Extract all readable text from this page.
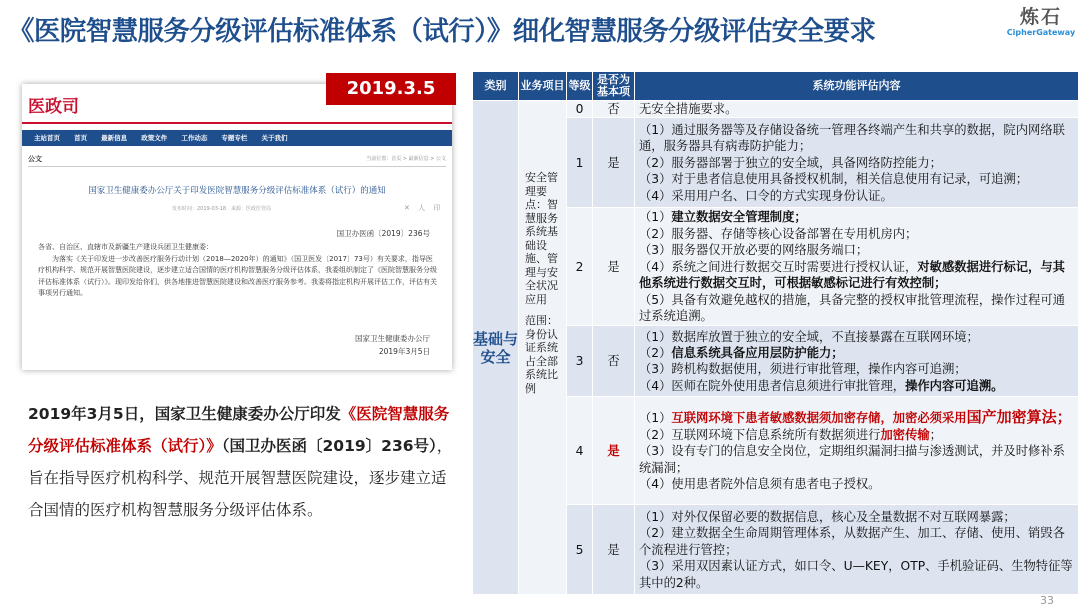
《医院智慧服务分级评估标准体系（试行）》细化智慧服务分级评估安全要求	炼石
CipherGateway
医政司
主站首页 首页 最新信息 政策文件 工作动态 专题专栏 关于我们
公文	当前位置：首页 > 最新信息 > 公文
国家卫生健康委办公厅关于印发医院智慧服务分级评估标准体系（试行）的通知
发布时间：2019-03-18　来源：医政医管局	✕ 人 印
国卫办医函〔2019〕236号

各省、自治区、直辖市及新疆生产建设兵团卫生健康委：

为落实《关于印发进一步改善医疗服务行动计划（2018—2020年）的通知》（国卫医发〔2017〕73号）有关要求，指导医疗机构科学、规范开展智慧医院建设，逐步建立适合国情的医疗机构智慧服务分级评估体系，我委组织制定了《医院智慧服务分级评估标准体系（试行）》。现印发给你们，供各地推进智慧医院建设和改善医疗服务参考。我委将指定机构开展评估工作，评估有关事项另行通知。

国家卫生健康委办公厅
2019年3月5日
2019.3.5
2019年3月5日，国家卫生健康委办公厅印发《医院智慧服务分级评估标准体系（试行）》（国卫办医函〔2019〕236号），旨在指导医疗机构科学、规范开展智慧医院建设，逐步建立适合国情的医疗机构智慧服务分级评估体系。
类别	业务项目	等级	是否为基本项	系统功能评估内容
基础与安全	安全管理要点：智慧服务系统基础设施、管理与安全状况应用
范围：身份认证系统占全部系统比例	0	否	无安全措施要求。

		1	是	（1）通过服务器等及存储设备统一管理各终端产生和共享的数据，院内网络联通，服务器具有病毒防护能力；
（2）服务器部署于独立的安全域，具备网络防控能力；
（3）对于患者信息使用具备授权机制，相关信息使用有记录，可追溯；
（4）采用用户名、口令的方式实现身份认证。

		2	是	（1）建立数据安全管理制度；
（2）服务器、存储等核心设备部署在专用机房内；
（3）服务器仅开放必要的网络服务端口；
（4）系统之间进行数据交互时需要进行授权认证，对敏感数据进行标记，与其他系统进行数据交互时，可根据敏感标记进行有效控制；
（5）具备有效避免越权的措施，具备完整的授权审批管理流程，操作过程可通过系统追溯。

		3	否	（1）数据库放置于独立的安全域，不直接暴露在互联网环境；
（2）信息系统具备应用层防护能力；
（3）跨机构数据使用，须进行审批管理，操作内容可追溯；
（4）医师在院外使用患者信息须进行审批管理，操作内容可追溯。

		4	是	（1）互联网环境下患者敏感数据须加密存储，加密必须采用国产加密算法；
（2）互联网环境下信息系统所有数据须进行加密传输；
（3）设有专门的信息安全岗位，定期组织漏洞扫描与渗透测试，并及时修补系统漏洞；
（4）使用患者院外信息须有患者电子授权。

		5	是	（1）对外仅保留必要的数据信息，核心及全量数据不对互联网暴露；
（2）建立数据全生命周期管理体系，从数据产生、加工、存储、使用、销毁各个流程进行管控；
（3）采用双因素认证方式，如口令、U—KEY，OTP、手机验证码、生物特征等其中的2种。
33
